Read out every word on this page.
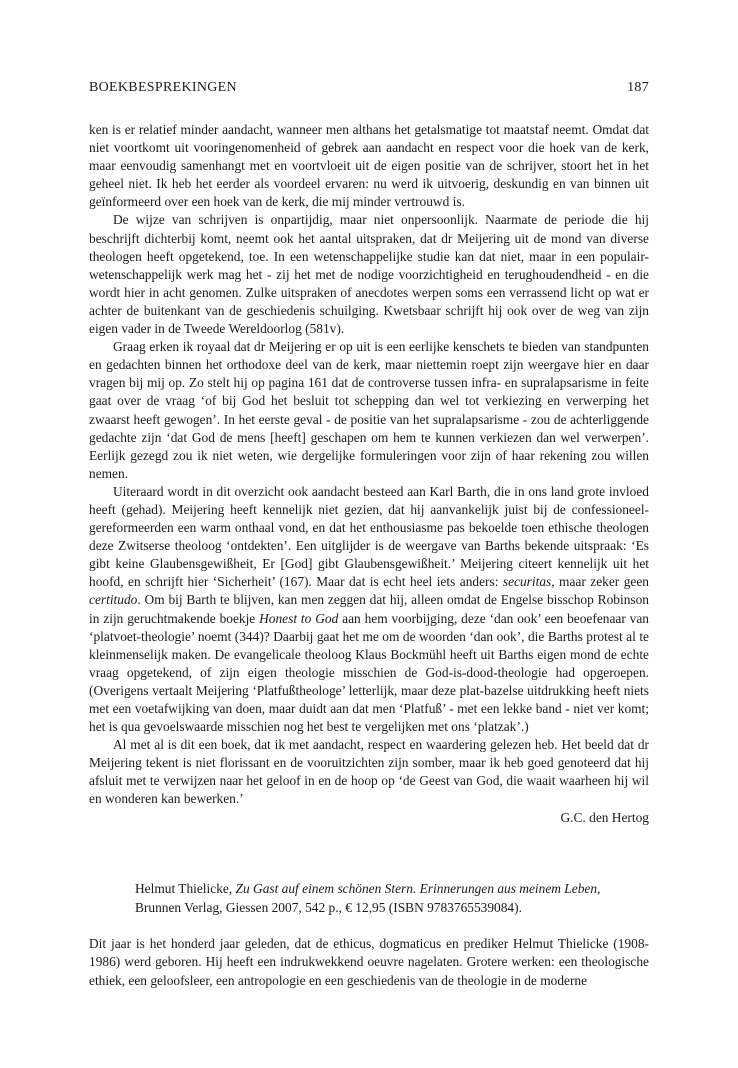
BOEKBESPREKINGEN	187

ken is er relatief minder aandacht, wanneer men althans het getalsmatige tot maatstaf neemt. Omdat dat niet voortkomt uit vooringenomenheid of gebrek aan aandacht en respect voor die hoek van de kerk, maar eenvoudig samenhangt met en voortvloeit uit de eigen positie van de schrijver, stoort het in het geheel niet. Ik heb het eerder als voordeel ervaren: nu werd ik uitvoerig, deskundig en van binnen uit geïnformeerd over een hoek van de kerk, die mij minder vertrouwd is.

De wijze van schrijven is onpartijdig, maar niet onpersoonlijk. Naarmate de periode die hij beschrijft dichterbij komt, neemt ook het aantal uitspraken, dat dr Meijering uit de mond van diverse theologen heeft opgetekend, toe. In een wetenschappelijke studie kan dat niet, maar in een populair-wetenschappelijk werk mag het - zij het met de nodige voorzichtigheid en terughoudendheid - en die wordt hier in acht genomen. Zulke uitspraken of anecdotes werpen soms een verrassend licht op wat er achter de buitenkant van de geschiedenis schuilging. Kwetsbaar schrijft hij ook over de weg van zijn eigen vader in de Tweede Wereldoorlog (581v).

Graag erken ik royaal dat dr Meijering er op uit is een eerlijke kenschets te bieden van standpunten en gedachten binnen het orthodoxe deel van de kerk, maar niettemin roept zijn weergave hier en daar vragen bij mij op. Zo stelt hij op pagina 161 dat de controverse tussen infra- en supralapsarisme in feite gaat over de vraag ‘of bij God het besluit tot schepping dan wel tot verkiezing en verwerping het zwaarst heeft gewogen’. In het eerste geval - de positie van het supralapsarisme - zou de achterliggende gedachte zijn ‘dat God de mens [heeft] geschapen om hem te kunnen verkiezen dan wel verwerpen’. Eerlijk gezegd zou ik niet weten, wie dergelijke formuleringen voor zijn of haar rekening zou willen nemen.

Uiteraard wordt in dit overzicht ook aandacht besteed aan Karl Barth, die in ons land grote invloed heeft (gehad). Meijering heeft kennelijk niet gezien, dat hij aanvankelijk juist bij de confessioneel-gereformeerden een warm onthaal vond, en dat het enthousiasme pas bekoelde toen ethische theologen deze Zwitserse theoloog ‘ontdekten’. Een uitglijder is de weergave van Barths bekende uitspraak: ‘Es gibt keine Glaubensgewißheit, Er [God] gibt Glaubensgewißheit.’ Meijering citeert kennelijk uit het hoofd, en schrijft hier ‘Sicherheit’ (167). Maar dat is echt heel iets anders: securitas, maar zeker geen certitudo. Om bij Barth te blijven, kan men zeggen dat hij, alleen omdat de Engelse bisschop Robinson in zijn geruchtmakende boekje Honest to God aan hem voorbijging, deze ‘dan ook’ een beoefenaar van ‘platvoet-theologie’ noemt (344)? Daarbij gaat het me om de woorden ‘dan ook’, die Barths protest al te kleinmenselijk maken. De evangelicale theoloog Klaus Bockmühl heeft uit Barths eigen mond de echte vraag opgetekend, of zijn eigen theologie misschien de God-is-dood-theologie had opgeroepen. (Overigens vertaalt Meijering ‘Platfußtheologe’ letterlijk, maar deze plat-bazelse uitdrukking heeft niets met een voetafwijking van doen, maar duidt aan dat men ‘Platfuß’ - met een lekke band - niet ver komt; het is qua gevoelswaarde misschien nog het best te vergelijken met ons ‘platzak’.)

Al met al is dit een boek, dat ik met aandacht, respect en waardering gelezen heb. Het beeld dat dr Meijering tekent is niet florissant en de vooruitzichten zijn somber, maar ik heb goed genoteerd dat hij afsluit met te verwijzen naar het geloof in en de hoop op ‘de Geest van God, die waait waarheen hij wil en wonderen kan bewerken.’

G.C. den Hertog

Helmut Thielicke, Zu Gast auf einem schönen Stern. Erinnerungen aus meinem Leben, Brunnen Verlag, Giessen 2007, 542 p., € 12,95 (ISBN 9783765539084).
Dit jaar is het honderd jaar geleden, dat de ethicus, dogmaticus en prediker Helmut Thielicke (1908-1986) werd geboren. Hij heeft een indrukwekkend oeuvre nagelaten. Grotere werken: een theologische ethiek, een geloofsleer, een antropologie en een geschiedenis van de theologie in de moderne
